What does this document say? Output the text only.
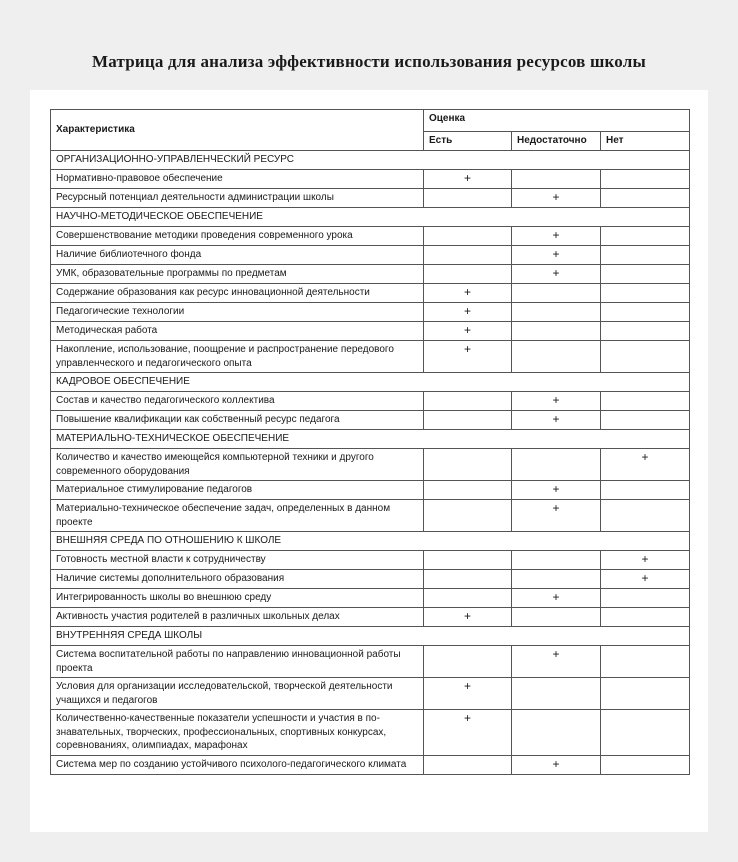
Матрица для анализа эффективности использования ресурсов школы
Характеристика	Оценка		
	Есть	Недостаточно	Нет
ОРГАНИЗАЦИОННО-УПРАВЛЕНЧЕСКИЙ РЕСУРС			
Нормативно-правовое обеспечение	+		
Ресурсный потенциал деятельности администрации школы		+	
НАУЧНО-МЕТОДИЧЕСКОЕ ОБЕСПЕЧЕНИЕ			
Совершенствование методики проведения современного урока		+	
Наличие библиотечного фонда		+	
УМК, образовательные программы по предметам		+	
Содержание образования как ресурс инновационной деятельности	+		
Педагогические технологии	+		
Методическая работа	+		
Накопление, использование, поощрение и распространение передового управленческого и педагогического опыта	+		
КАДРОВОЕ ОБЕСПЕЧЕНИЕ			
Состав и качество педагогического коллектива		+	
Повышение квалификации как собственный ресурс педагога		+	
МАТЕРИАЛЬНО-ТЕХНИЧЕСКОЕ ОБЕСПЕЧЕНИЕ			
Количество и качество имеющейся компьютерной техники и другого современного оборудования			+
Материальное стимулирование педагогов		+	
Материально-техническое обеспечение задач, определенных в данном проекте		+	
ВНЕШНЯЯ СРЕДА ПО ОТНОШЕНИЮ К ШКОЛЕ			
Готовность местной власти к сотрудничеству			+
Наличие системы дополнительного образования			+
Интегрированность школы во внешнюю среду		+	
Активность участия родителей в различных школьных делах	+		
ВНУТРЕННЯЯ СРЕДА ШКОЛЫ			
Система воспитательной работы по направлению инновационной работы проекта		+	
Условия для организации исследовательской, творческой деятельности учащихся и педагогов	+		
Количественно-качественные показатели успешности и участия в по-знавательных, творческих, профессиональных, спортивных конкурсах, соревнованиях, олимпиадах, марафонах	+		
Система мер по созданию устойчивого психолого-педагогического климата		+	
